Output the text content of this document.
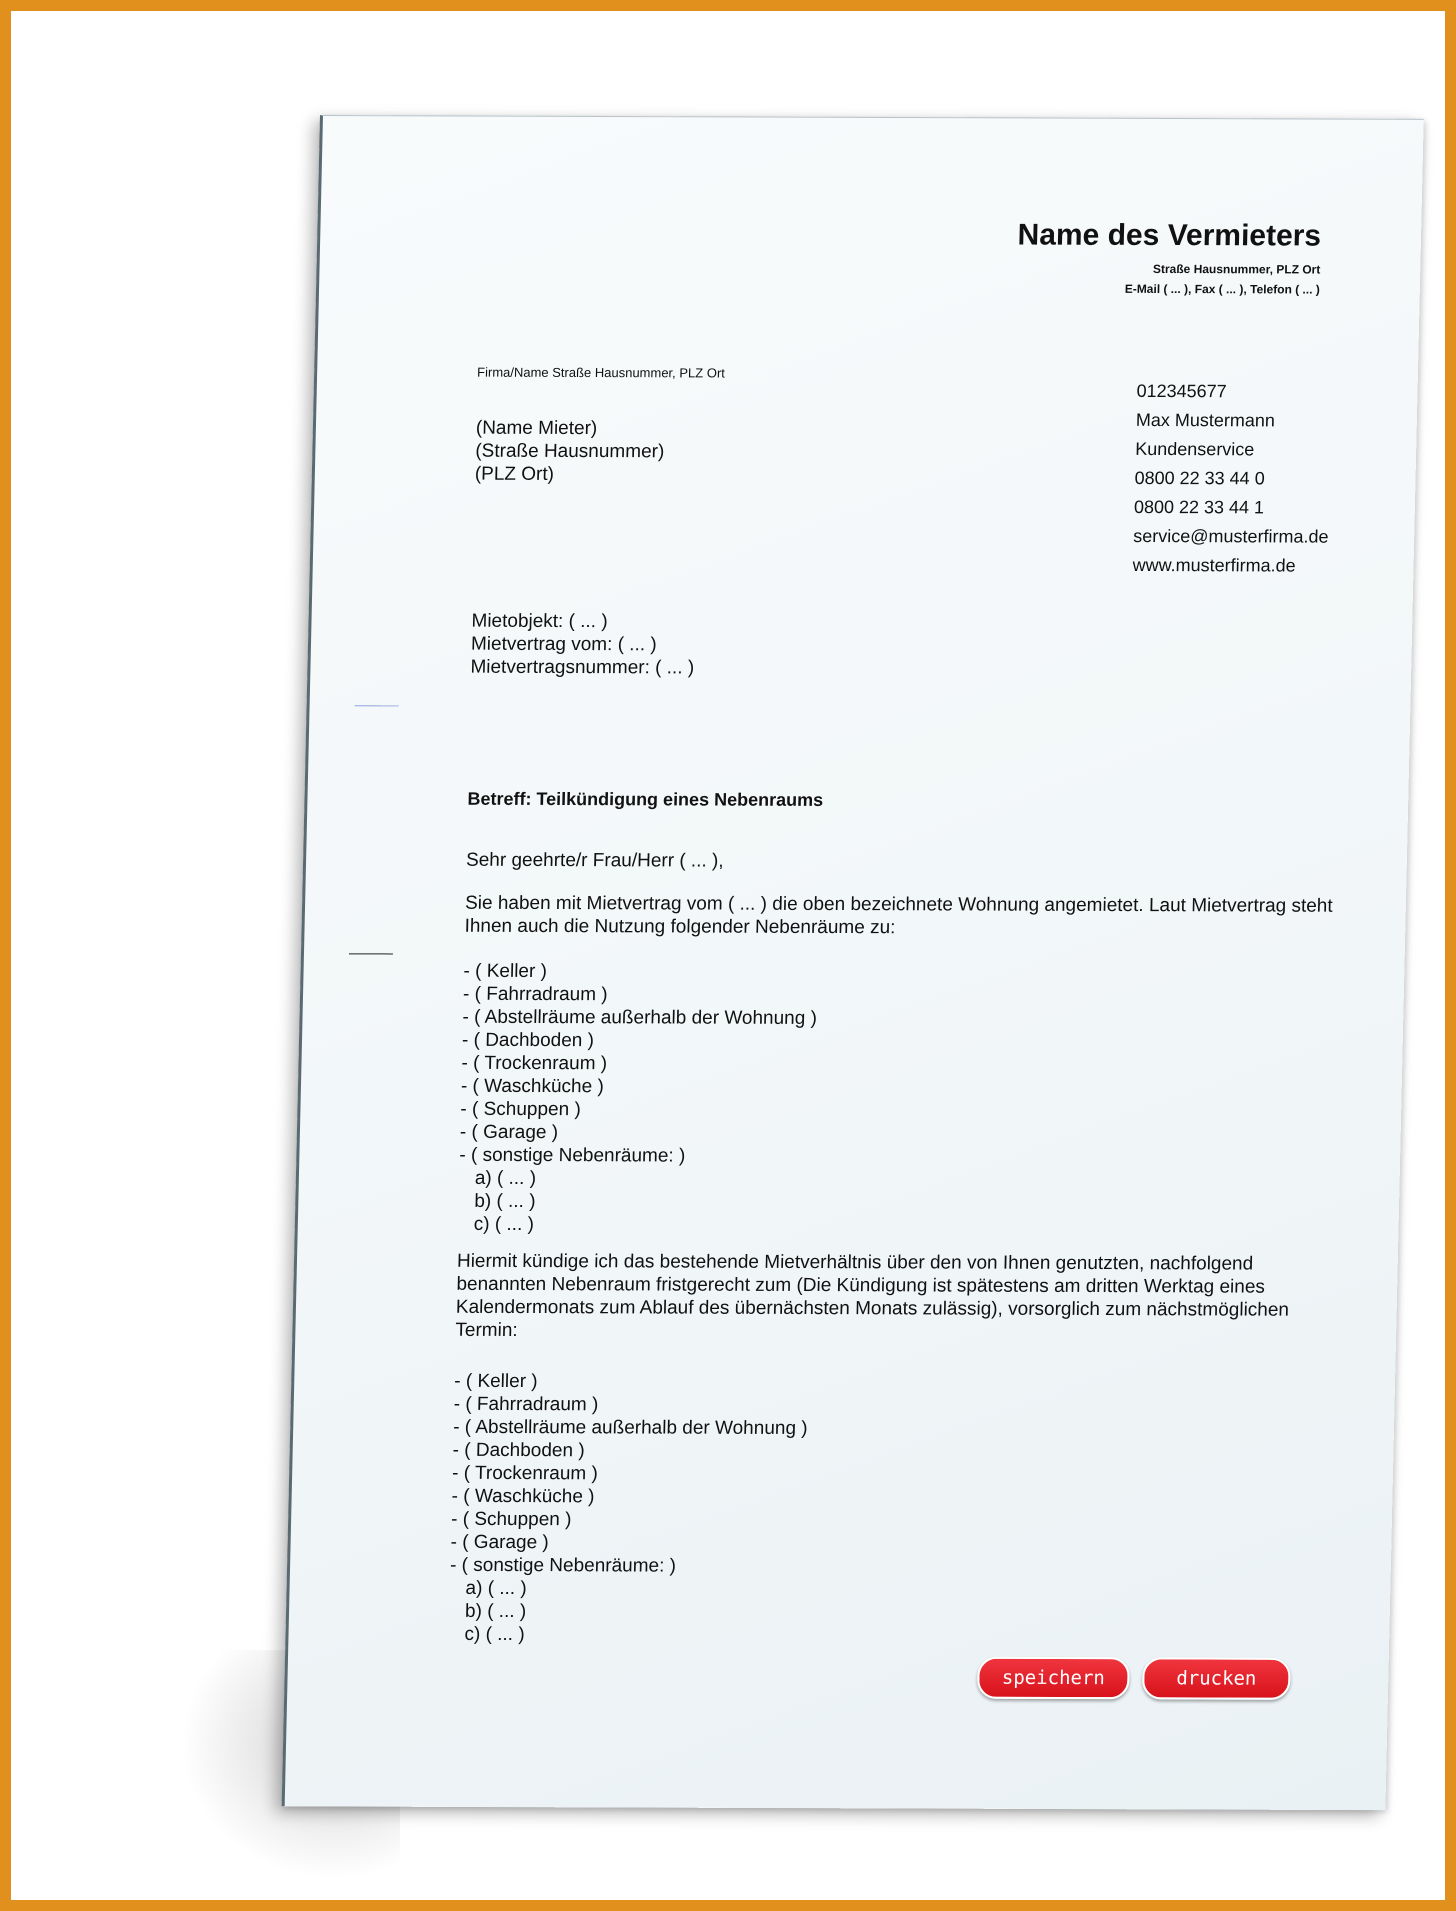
Name des Vermieters
Straße Hausnummer, PLZ Ort
E-Mail ( ... ), Fax ( ... ), Telefon ( ... )
Firma/Name Straße Hausnummer, PLZ Ort
(Name Mieter)
(Straße Hausnummer)
(PLZ Ort)
012345677
Max Mustermann
Kundenservice
0800 22 33 44 0
0800 22 33 44 1
service@musterfirma.de
www.musterfirma.de
Mietobjekt: ( ... )
Mietvertrag vom: ( ... )
Mietvertragsnummer: ( ... )
Betreff: Teilkündigung eines Nebenraums
Sehr geehrte/r Frau/Herr ( ... ),
Sie haben mit Mietvertrag vom ( ... ) die oben bezeichnete Wohnung angemietet. Laut Mietvertrag steht
Ihnen auch die Nutzung folgender Nebenräume zu:
- ( Keller )
- ( Fahrradraum )
- ( Abstellräume außerhalb der Wohnung )
- ( Dachboden )
- ( Trockenraum )
- ( Waschküche )
- ( Schuppen )
- ( Garage )
- ( sonstige Nebenräume: )
a) ( ... )
b) ( ... )
c) ( ... )
Hiermit kündige ich das bestehende Mietverhältnis über den von Ihnen genutzten, nachfolgend
benannten Nebenraum fristgerecht zum (Die Kündigung ist spätestens am dritten Werktag eines
Kalendermonats zum Ablauf des übernächsten Monats zulässig), vorsorglich zum nächstmöglichen
Termin:
- ( Keller )
- ( Fahrradraum )
- ( Abstellräume außerhalb der Wohnung )
- ( Dachboden )
- ( Trockenraum )
- ( Waschküche )
- ( Schuppen )
- ( Garage )
- ( sonstige Nebenräume: )
a) ( ... )
b) ( ... )
c) ( ... )
speichern	drucken
